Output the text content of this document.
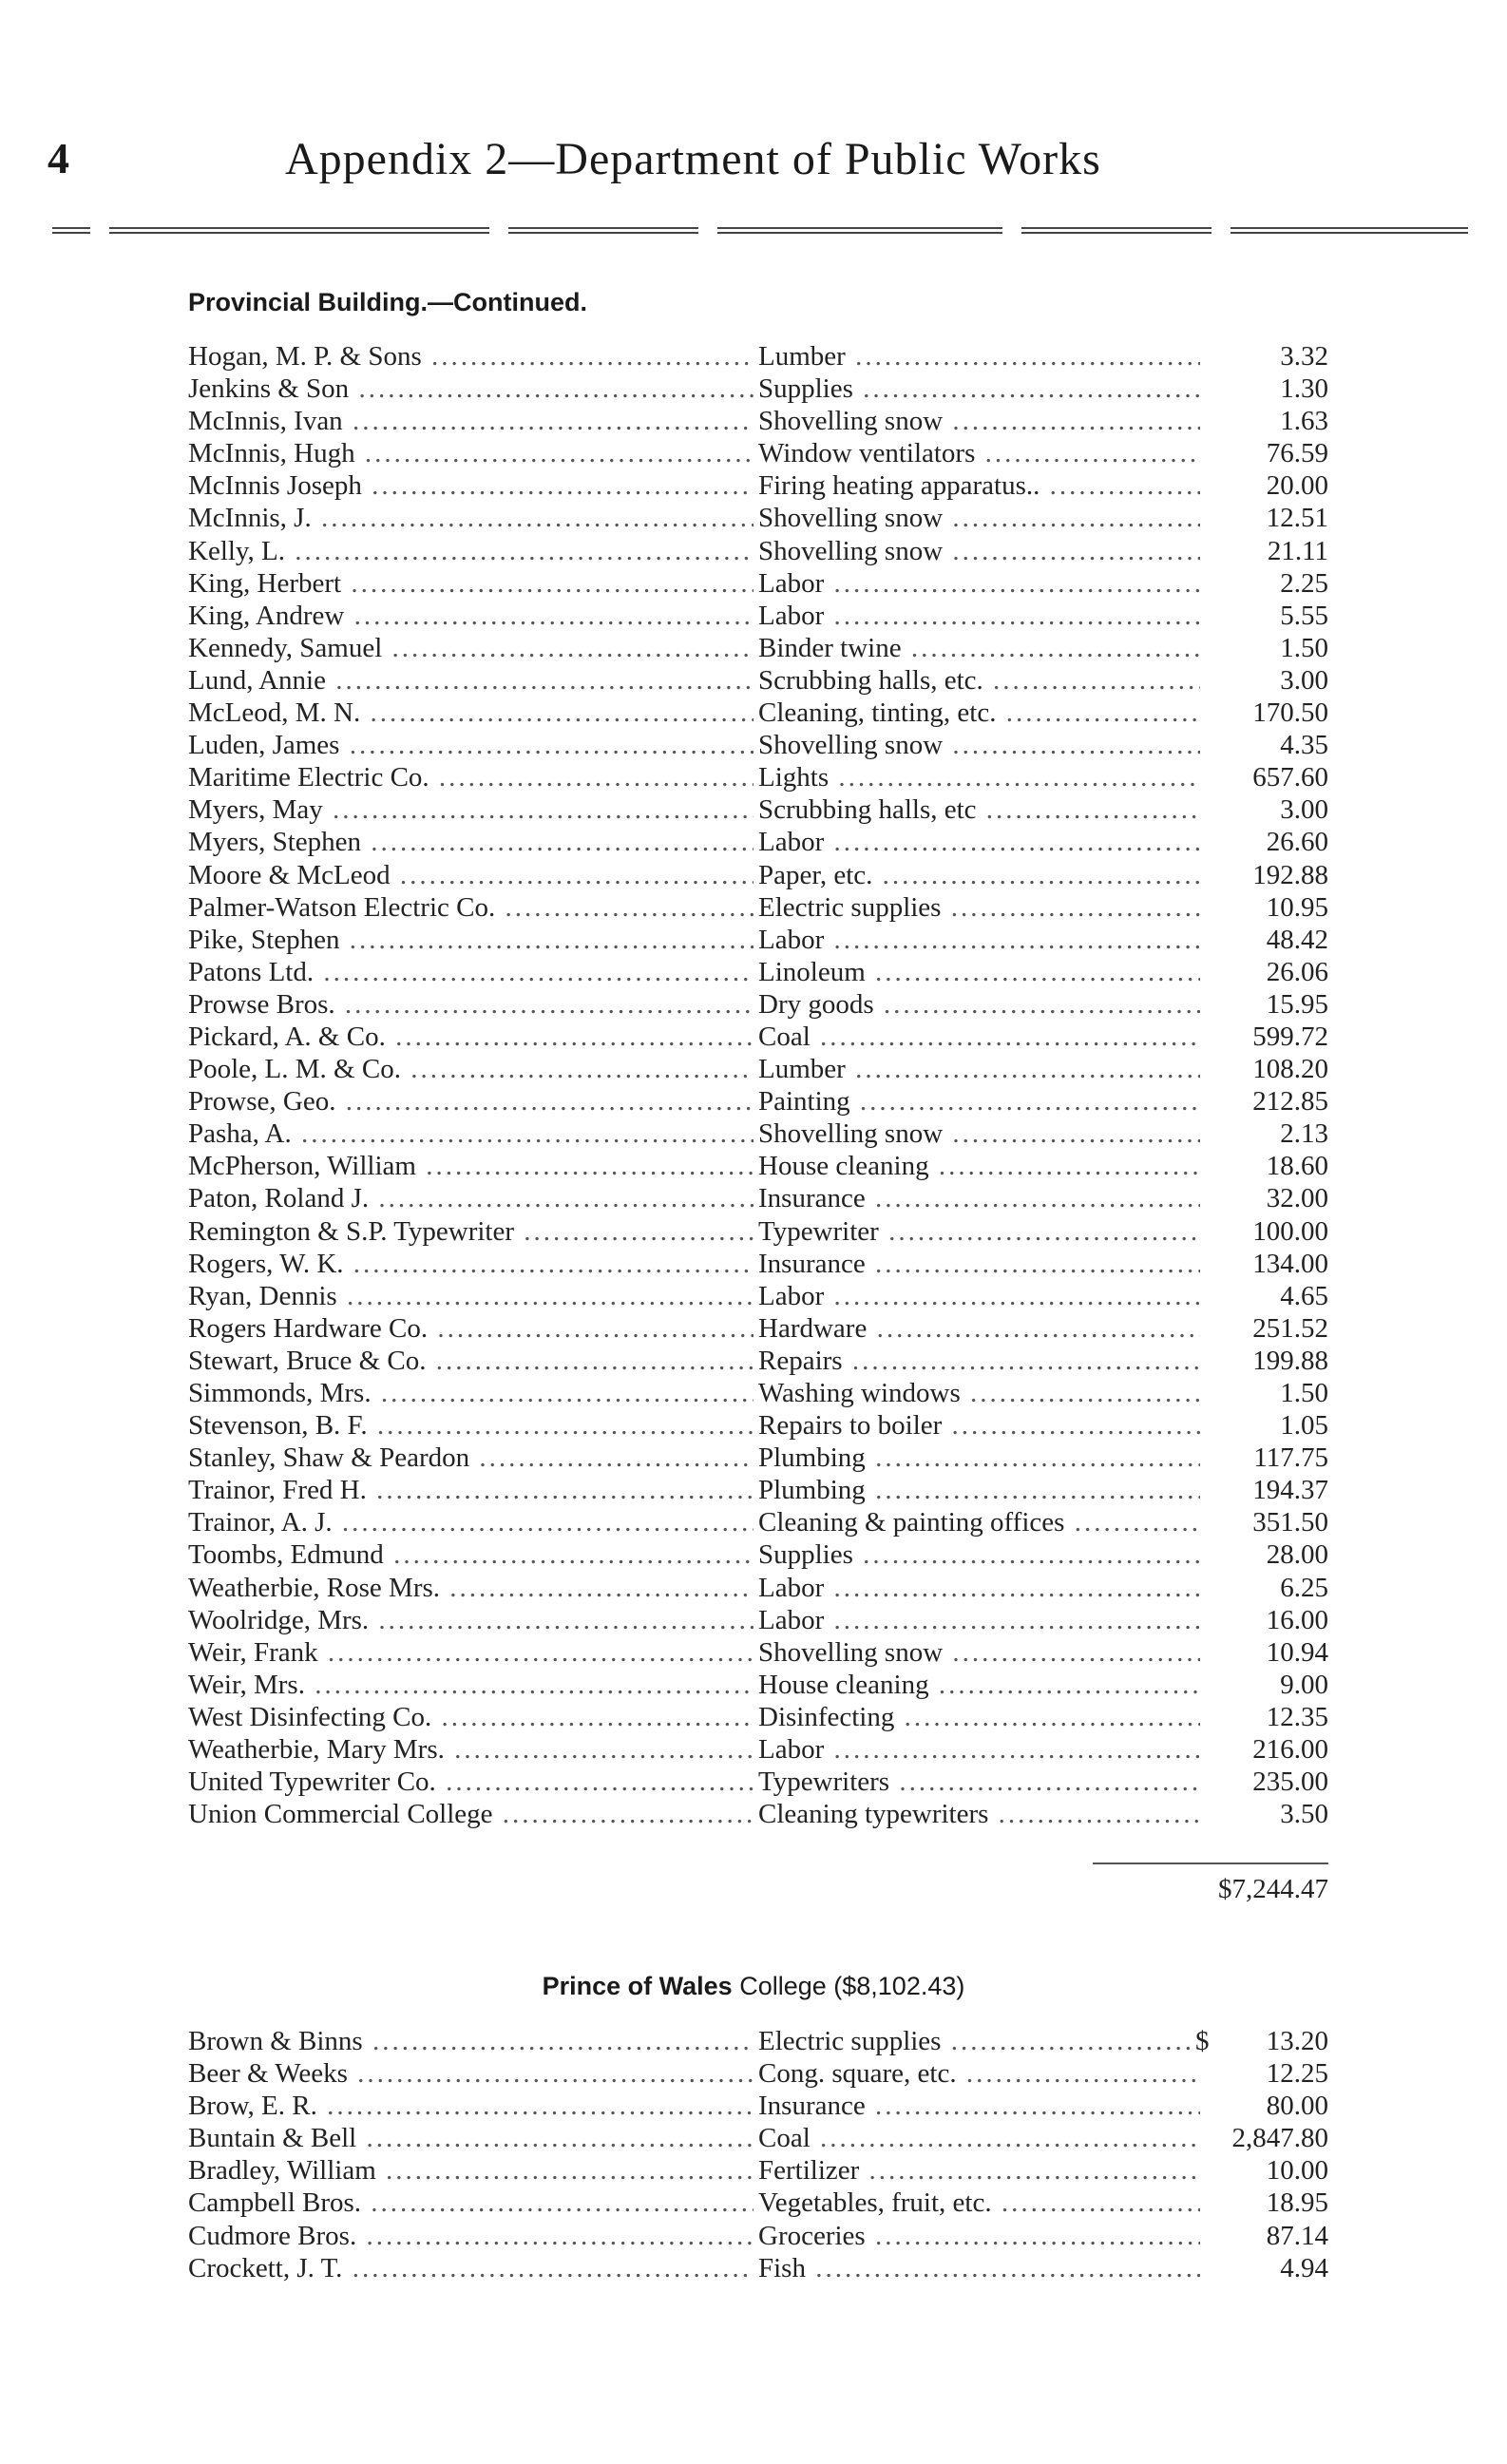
4	Appendix 2—Department of Public Works
Provincial Building.—Continued.
Hogan, M. P. & Sons .....	Lumber .....	3.32
Jenkins & Son .....	Supplies .....	1.30
McInnis, Ivan .....	Shovelling snow .....	1.63
McInnis, Hugh .....	Window ventilators .....	76.59
McInnis Joseph .....	Firing heating apparatus.. .....	20.00
McInnis, J. .....	Shovelling snow .....	12.51
Kelly, L. .....	Shovelling snow .....	21.11
King, Herbert .....	Labor .....	2.25
King, Andrew .....	Labor .....	5.55
Kennedy, Samuel .....	Binder twine .....	1.50
Lund, Annie .....	Scrubbing halls, etc. .....	3.00
McLeod, M. N. .....	Cleaning, tinting, etc. .....	170.50
Luden, James .....	Shovelling snow .....	4.35
Maritime Electric Co. .....	Lights .....	657.60
Myers, May .....	Scrubbing halls, etc .....	3.00
Myers, Stephen .....	Labor .....	26.60
Moore & McLeod .....	Paper, etc. .....	192.88
Palmer-Watson Electric Co. .....	Electric supplies .....	10.95
Pike, Stephen .....	Labor .....	48.42
Patons Ltd. .....	Linoleum .....	26.06
Prowse Bros. .....	Dry goods .....	15.95
Pickard, A. & Co. .....	Coal .....	599.72
Poole, L. M. & Co. .....	Lumber .....	108.20
Prowse, Geo. .....	Painting .....	212.85
Pasha, A. .....	Shovelling snow .....	2.13
McPherson, William .....	House cleaning .....	18.60
Paton, Roland J. .....	Insurance .....	32.00
Remington & S.P. Typewriter .....	Typewriter .....	100.00
Rogers, W. K. .....	Insurance .....	134.00
Ryan, Dennis .....	Labor .....	4.65
Rogers Hardware Co. .....	Hardware .....	251.52
Stewart, Bruce & Co. .....	Repairs .....	199.88
Simmonds, Mrs. .....	Washing windows .....	1.50
Stevenson, B. F. .....	Repairs to boiler .....	1.05
Stanley, Shaw & Peardon .....	Plumbing .....	117.75
Trainor, Fred H. .....	Plumbing .....	194.37
Trainor, A. J. .....	Cleaning & painting offices .....	351.50
Toombs, Edmund .....	Supplies .....	28.00
Weatherbie, Rose Mrs. .....	Labor .....	6.25
Woolridge, Mrs. .....	Labor .....	16.00
Weir, Frank .....	Shovelling snow .....	10.94
Weir, Mrs. .....	House cleaning .....	9.00
West Disinfecting Co. .....	Disinfecting .....	12.35
Weatherbie, Mary Mrs. .....	Labor .....	216.00
United Typewriter Co. .....	Typewriters .....	235.00
Union Commercial College .....	Cleaning typewriters .....	3.50
$7,244.47
Prince of Wales College ($8,102.43)
Brown & Binns .....	Electric supplies .....	$	13.20
Beer & Weeks .....	Cong. square, etc. .....	12.25
Brow, E. R. .....	Insurance .....	80.00
Buntain & Bell .....	Coal .....	2,847.80
Bradley, William .....	Fertilizer .....	10.00
Campbell Bros. .....	Vegetables, fruit, etc. .....	18.95
Cudmore Bros. .....	Groceries .....	87.14
Crockett, J. T. .....	Fish .....	4.94
